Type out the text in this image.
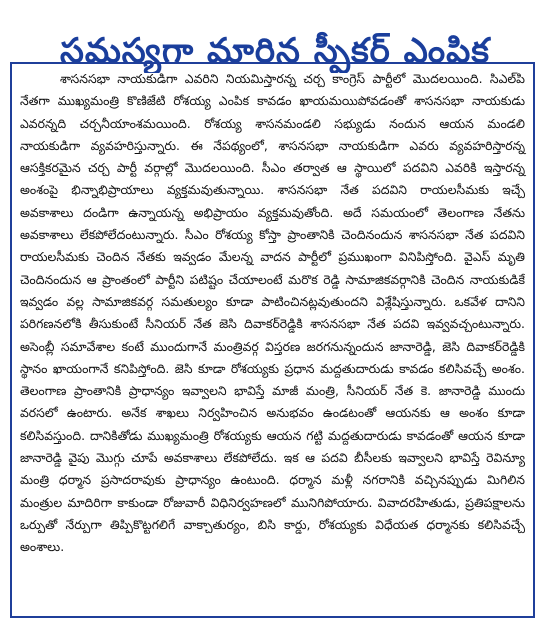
సమస్యగా మారిన స్పీకర్ ఎంపిక

శాసనసభా నాయకుడిగా ఎవరిని నియమిస్తారన్న చర్చ కాంగ్రెస్ పార్టీలో మొదలయింది. సిఎల్‌పి నేతగా ముఖ్యమంత్రి కొణిజేటి రోశయ్య ఎంపిక కావడం ఖాయమయిపోవడంతో శాసనసభా నాయకుడు ఎవరన్నది చర్చనీయాంశమయింది. రోశయ్య శాసనమండలి సభ్యుడు నందున ఆయన మండలి నాయకుడిగా వ్యవహరిస్తున్నారు. ఈ నేపథ్యంలో, శాసనసభా నాయకుడిగా ఎవరు వ్యవహరిస్తారన్న ఆసక్తికరమైన చర్చ పార్టీ వర్గాల్లో మొదలయింది. సీఎం తర్వాత ఆ స్థాయిలో పదవిని ఎవరికి ఇస్తారన్న అంశంపై భిన్నాభిప్రాయాలు వ్యక్తమవుతున్నాయి. శాసనసభా నేత పదవిని రాయలసీమకు ఇచ్చే అవకాశాలు దండిగా ఉన్నాయన్న అభిప్రాయం వ్యక్తమవుతోంది. అదే సమయంలో తెలంగాణ నేతను అవకాశాలు లేకపోలేదంటున్నారు. సీఎం రోశయ్య కోస్తా ప్రాంతానికి చెందినందున శాసనసభా నేత పదవిని రాయలసీమకు చెందిన నేతకు ఇవ్వడం మేలన్న వాదన పార్టీలో ప్రముఖంగా వినిపిస్తోంది. వైఎస్ మృతి చెందినందున ఆ ప్రాంతంలో పార్టీని పటిష్టం చేయాలంటే మరొక రెడ్డి సామాజికవర్గానికి చెందిన నాయకుడికే ఇవ్వడం వల్ల సామాజికవర్గ సమతుల్యం కూడా పాటించినట్లవుతుందని విశ్లేషిస్తున్నారు. ఒకవేళ దానిని పరిగణనలోకి తీసుకుంటే సీనియర్ నేత జెసి దివాకర్‌రెడ్డికి శాసనసభా నేత పదవి ఇవ్వవచ్చంటున్నారు. అసెంబ్లీ సమావేశాల కంటే ముందుగానే మంత్రివర్గ విస్తరణ జరగనున్నందున జానారెడ్డి, జెసి దివాకర్‌రెడ్డికి స్థానం ఖాయంగానే కనిపిస్తోంది. జెసి కూడా రోశయ్యకు ప్రధాన మద్దతుదారుడు కావడం కలిసివచ్చే అంశం. తెలంగాణ ప్రాంతానికి ప్రాధాన్యం ఇవ్వాలని భావిస్తే మాజీ మంత్రి, సీనియర్ నేత కె. జానారెడ్డి ముందు వరసలో ఉంటారు. అనేక శాఖలు నిర్వహించిన అనుభవం ఉండటంతో ఆయనకు ఆ అంశం కూడా కలిసివస్తుంది. దానికితోడు ముఖ్యమంత్రి రోశయ్యకు ఆయన గట్టి మద్దతుదారుడు కావడంతో ఆయన కూడా జానారెడ్డి వైపు మొగ్గు చూపే అవకాశాలు లేకపోలేదు. ఇక ఆ పదవి బీసీలకు ఇవ్వాలని భావిస్తే రెవిన్యూ మంత్రి ధర్మాన ప్రసాదరావుకు ప్రాధాన్యం ఉంటుంది. ధర్మాన మళ్లీ నగరానికి వచ్చినప్పుడు మిగిలిన మంత్రుల మాదిరిగా కాకుండా రోజువారీ విధినిర్వహణలో మునిగిపోయారు. వివాదరహితుడు, ప్రతిపక్షాలను ఒర్పుతో నేర్పుగా తిప్పికొట్టగలిగే వాక్చాతుర్యం, బిసి కార్డు, రోశయ్యకు విధేయత ధర్మానకు కలిసివచ్చే అంశాలు.
